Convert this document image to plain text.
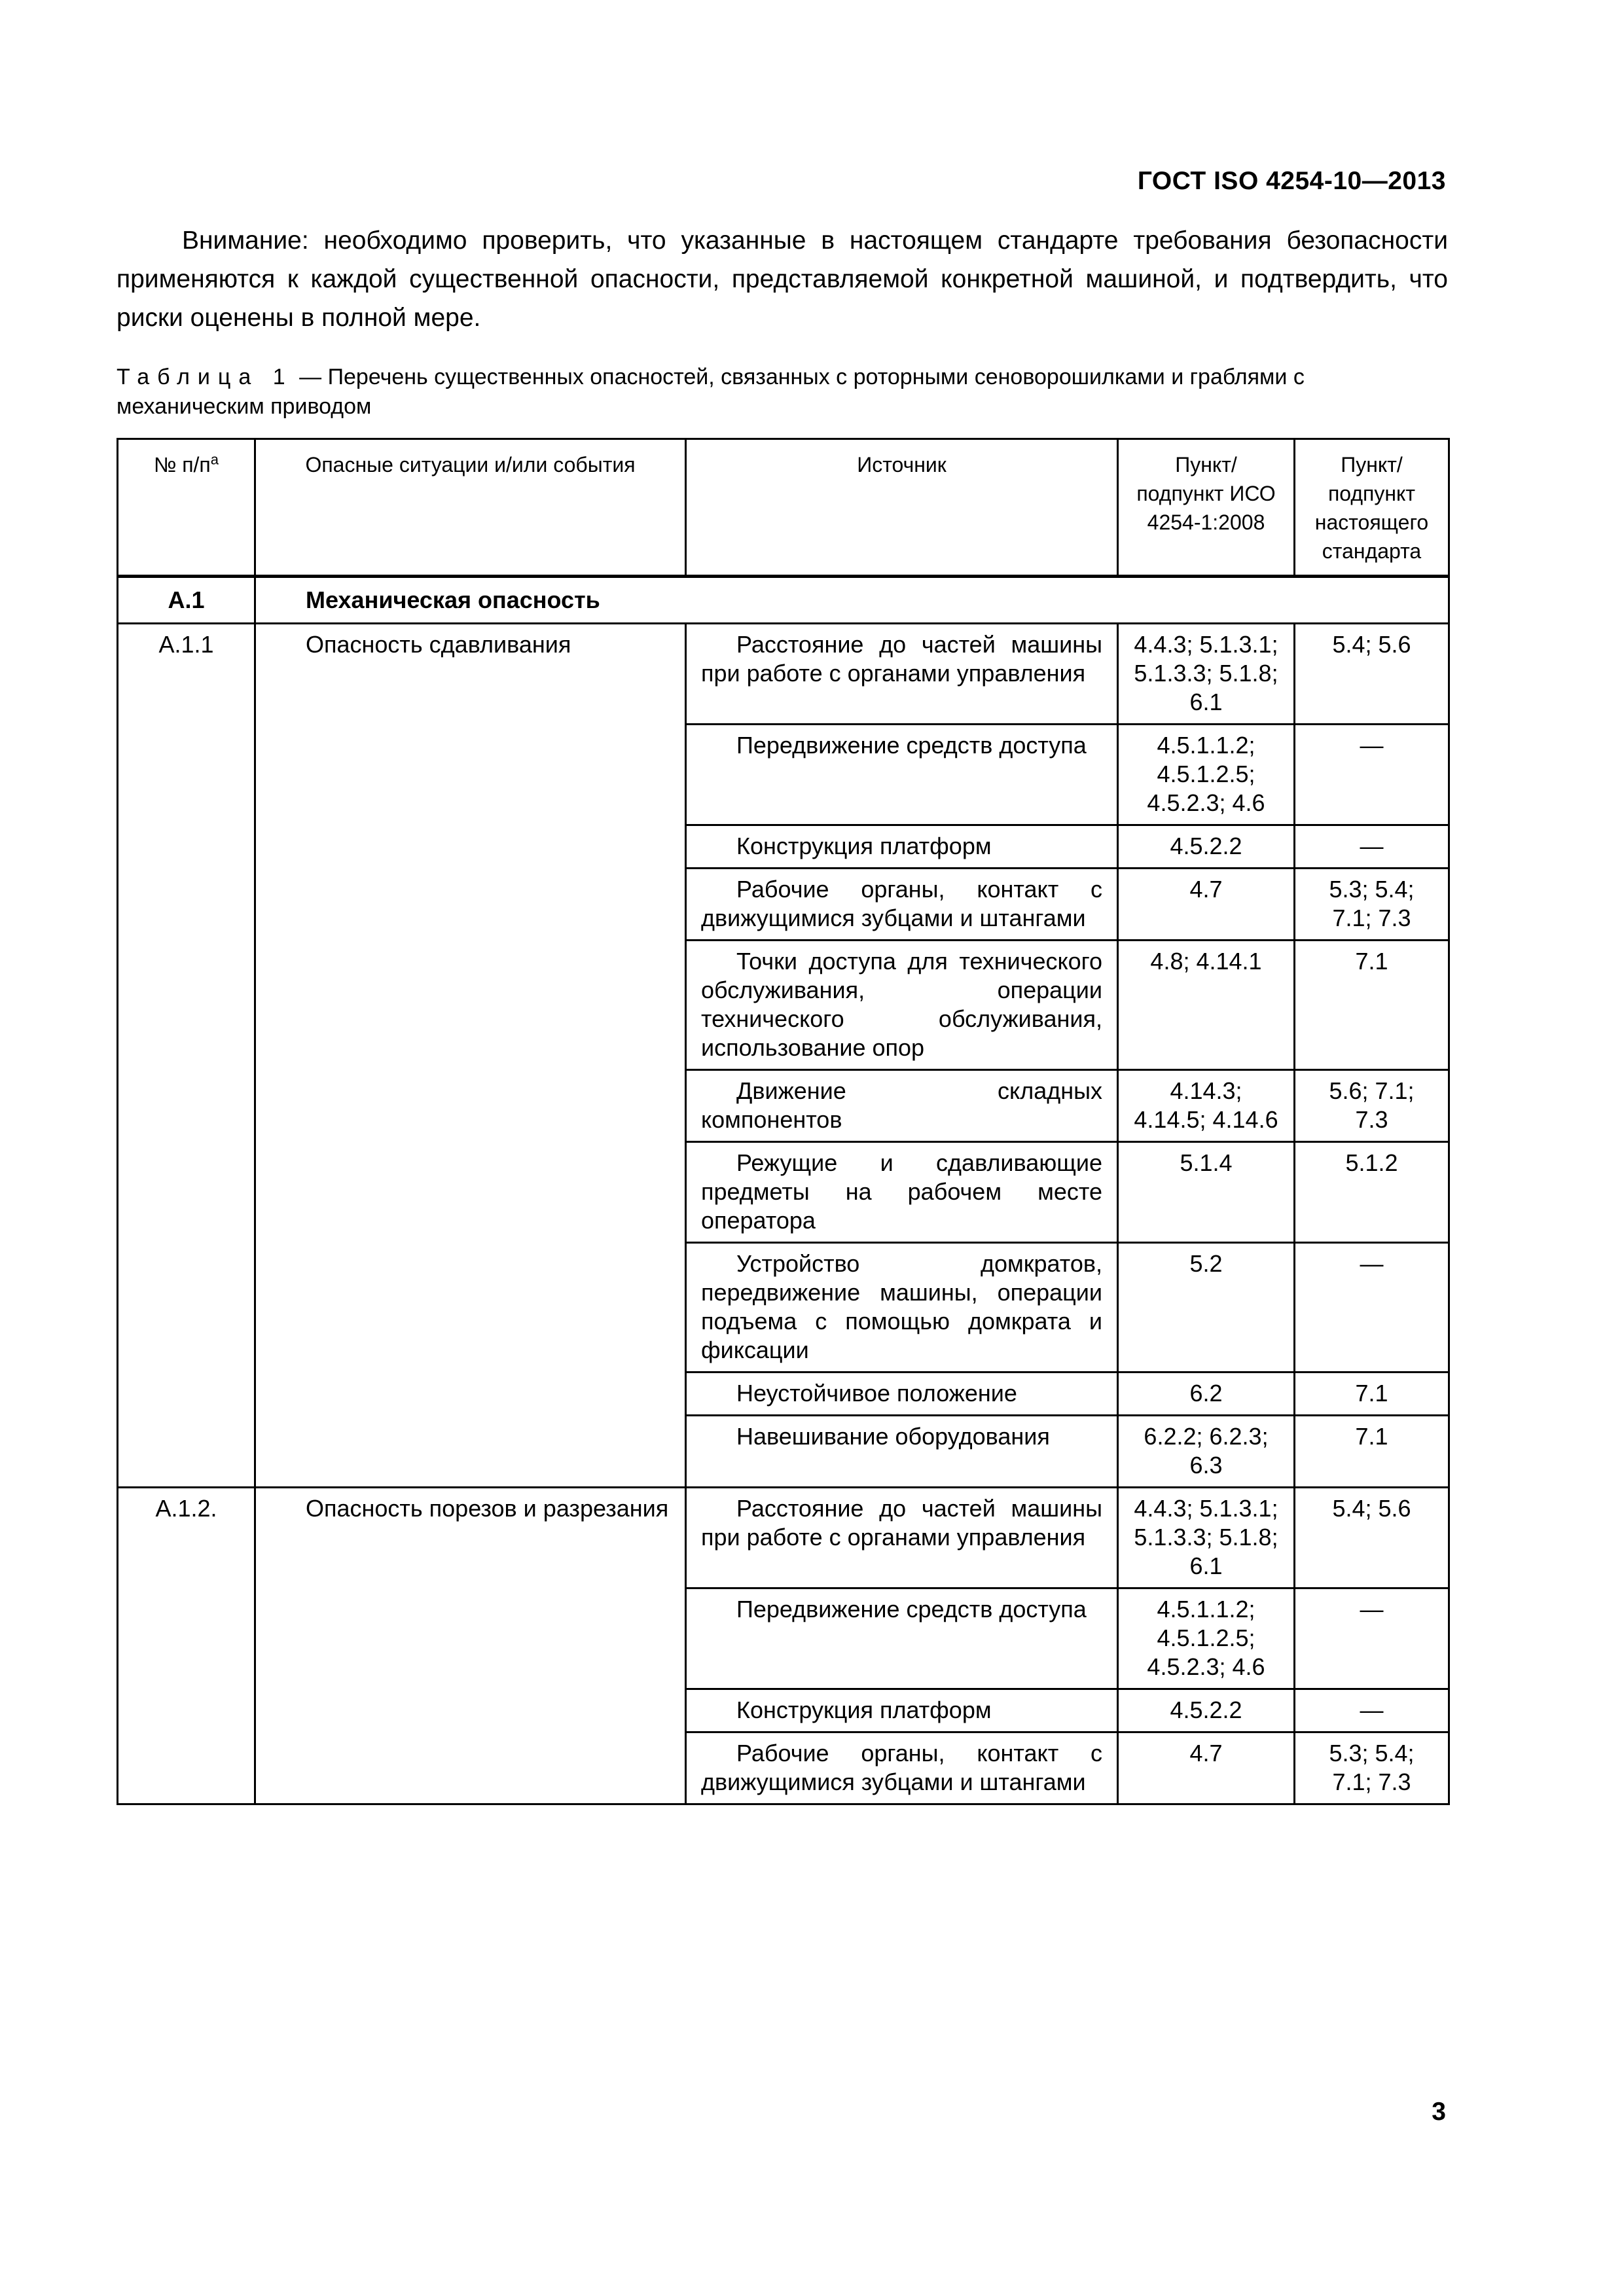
ГОСТ ISO 4254-10—2013

Внимание: необходимо проверить, что указанные в настоящем стандарте требования безопасности применяются к каждой существенной опасности, представляемой конкретной машиной, и подтвердить, что риски оценены в полной мере.

Таблица 1 — Перечень существенных опасностей, связанных с роторными сеноворошилками и граблями с механическим приводом

№ $п/п^а$	Опасные ситуации и/или события	Источник	Пункт/ подпункт ИСО 4254-1:2008	Пункт/ подпункт настоящего стандарта
А.1	Механическая опасность			
А.1.1	Опасность сдавливания	Расстояние до частей машины при работе с органами управления	4.4.3; 5.1.3.1; 5.1.3.3; 5.1.8; 6.1	5.4; 5.6
		Передвижение средств доступа	4.5.1.1.2; 4.5.1.2.5; 4.5.2.3; 4.6	—
		Конструкция платформ	4.5.2.2	—
		Рабочие органы, контакт с движущимися зубцами и штангами	4.7	5.3; 5.4; 7.1; 7.3
		Точки доступа для технического обслуживания, операции технического обслуживания, использование опор	4.8; 4.14.1	7.1
		Движение складных компонентов	4.14.3; 4.14.5; 4.14.6	5.6; 7.1; 7.3
		Режущие и сдавливающие предметы на рабочем месте оператора	5.1.4	5.1.2
		Устройство домкратов, передвижение машины, операции подъема с помощью домкрата и фиксации	5.2	—
		Неустойчивое положение	6.2	7.1
		Навешивание оборудования	6.2.2; 6.2.3; 6.3	7.1
А.1.2.	Опасность порезов и разрезания	Расстояние до частей машины при работе с органами управления	4.4.3; 5.1.3.1; 5.1.3.3; 5.1.8; 6.1	5.4; 5.6
		Передвижение средств доступа	4.5.1.1.2; 4.5.1.2.5; 4.5.2.3; 4.6	—
		Конструкция платформ	4.5.2.2	—
		Рабочие органы, контакт с движущимися зубцами и штангами	4.7	5.3; 5.4; 7.1; 7.3
3
